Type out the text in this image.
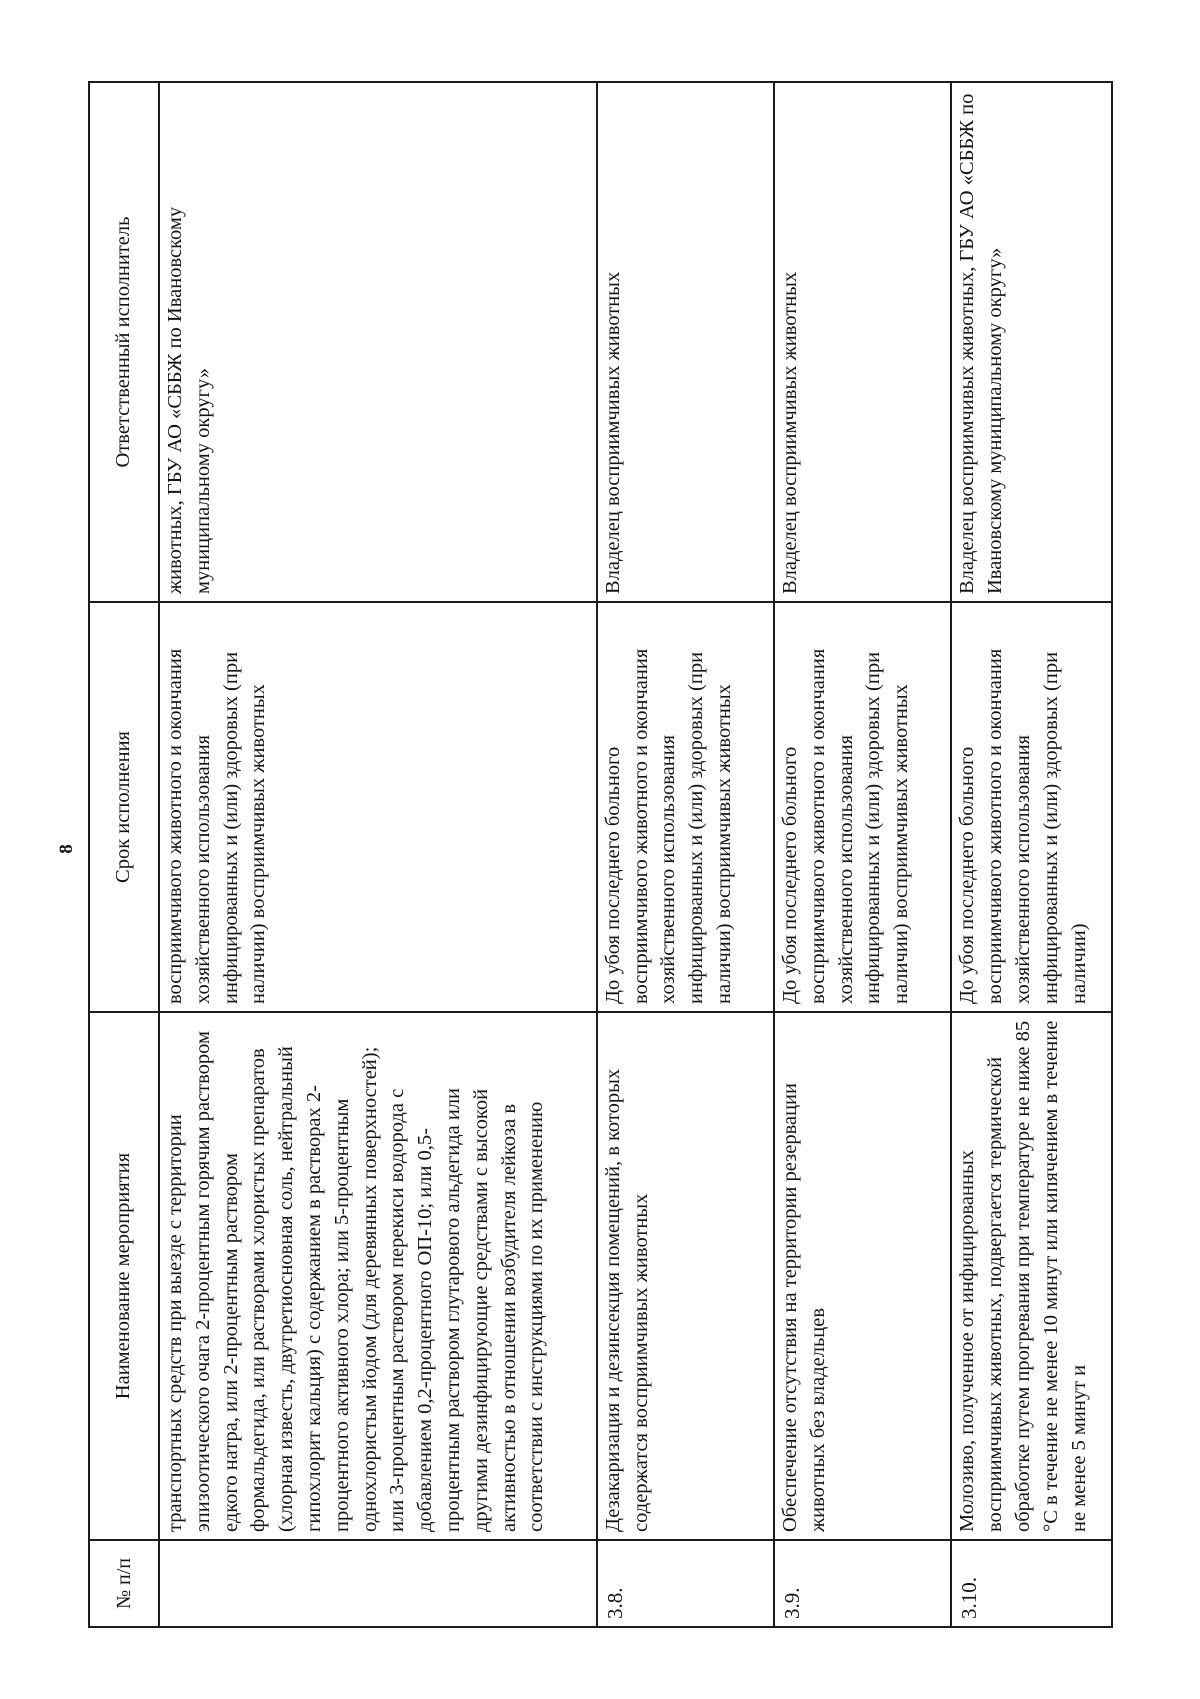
8
№ п/п	Наименование мероприятия	Срок исполнения	Ответственный исполнитель
	транспортных средств при выезде с территории эпизоотического очага 2-процентным горячим раствором едкого натра, или 2-процентным раствором формальдегида, или растворами хлористых препаратов (хлорная известь, двутретиосновная соль, нейтральный гипохлорит кальция) с содержанием в растворах 2-процентного активного хлора; или 5-процентным однохлористым йодом (для деревянных поверхностей); или 3-процентным раствором перекиси водорода с добавлением 0,2-процентного ОП-10; или 0,5-процентным раствором глутарового альдегида или другими дезинфицирующие средствами с высокой активностью в отношении возбудителя лейкоза в соответствии с инструкциями по их применению	восприимчивого животного и окончания хозяйственного использования инфицированных и (или) здоровых (при наличии) восприимчивых животных	животных, ГБУ АО «СББЖ по Ивановскому муниципальному округу»
3.8.	Дезакаризация и дезинсекция помещений, в которых содержатся восприимчивых животных	До убоя последнего больного восприимчивого животного и окончания хозяйственного использования инфицированных и (или) здоровых (при наличии) восприимчивых животных	Владелец восприимчивых животных
3.9.	Обеспечение отсутствия на территории резервации животных без владельцев	До убоя последнего больного восприимчивого животного и окончания хозяйственного использования инфицированных и (или) здоровых (при наличии) восприимчивых животных	Владелец восприимчивых животных
3.10.	Молозиво, полученное от инфицированных восприимчивых животных, подвергается термической обработке путем прогревания при температуре не ниже 85 °С в течение не менее 10 минут или кипячением в течение не менее 5 минут и	До убоя последнего больного восприимчивого животного и окончания хозяйственного использования инфицированных и (или) здоровых (при наличии)	Владелец восприимчивых животных, ГБУ АО «СББЖ по Ивановскому муниципальному округу»
